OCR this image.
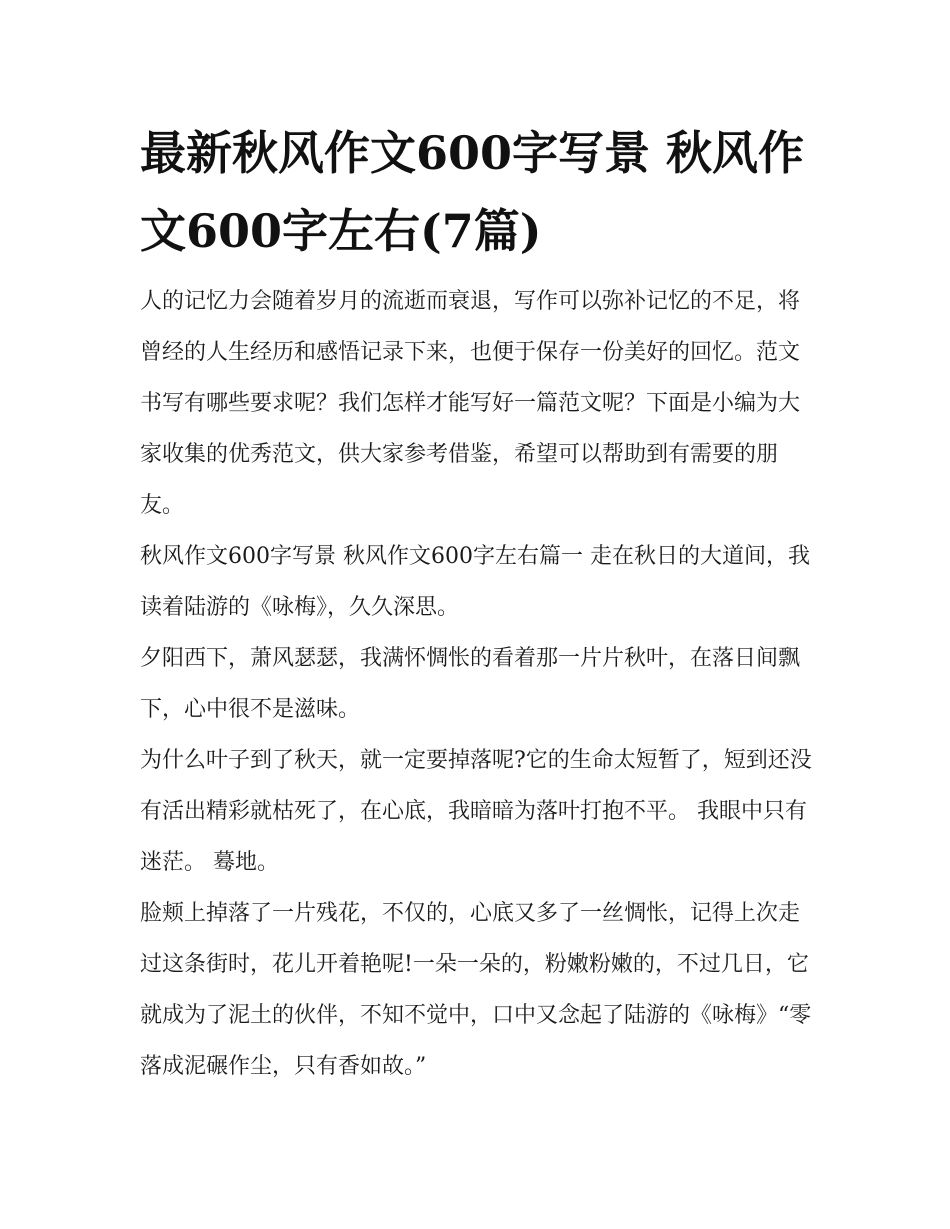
最新秋风作文600字写景 秋风作文600字左右(7篇)

人的记忆力会随着岁月的流逝而衰退，写作可以弥补记忆的不足，将曾经的人生经历和感悟记录下来，也便于保存一份美好的回忆。范文书写有哪些要求呢？我们怎样才能写好一篇范文呢？下面是小编为大家收集的优秀范文，供大家参考借鉴，希望可以帮助到有需要的朋友。

秋风作文600字写景 秋风作文600字左右篇一 走在秋日的大道间，我读着陆游的《咏梅》，久久深思。

夕阳西下，萧风瑟瑟，我满怀惆怅的看着那一片片秋叶，在落日间飘下，心中很不是滋味。

为什么叶子到了秋天，就一定要掉落呢?它的生命太短暂了，短到还没有活出精彩就枯死了，在心底，我暗暗为落叶打抱不平。 我眼中只有迷茫。 蓦地。

脸颊上掉落了一片残花，不仅的，心底又多了一丝惆怅，记得上次走过这条街时，花儿开着艳呢!一朵一朵的，粉嫩粉嫩的，不过几日，它就成为了泥土的伙伴，不知不觉中，口中又念起了陆游的《咏梅》“零落成泥碾作尘，只有香如故。”
